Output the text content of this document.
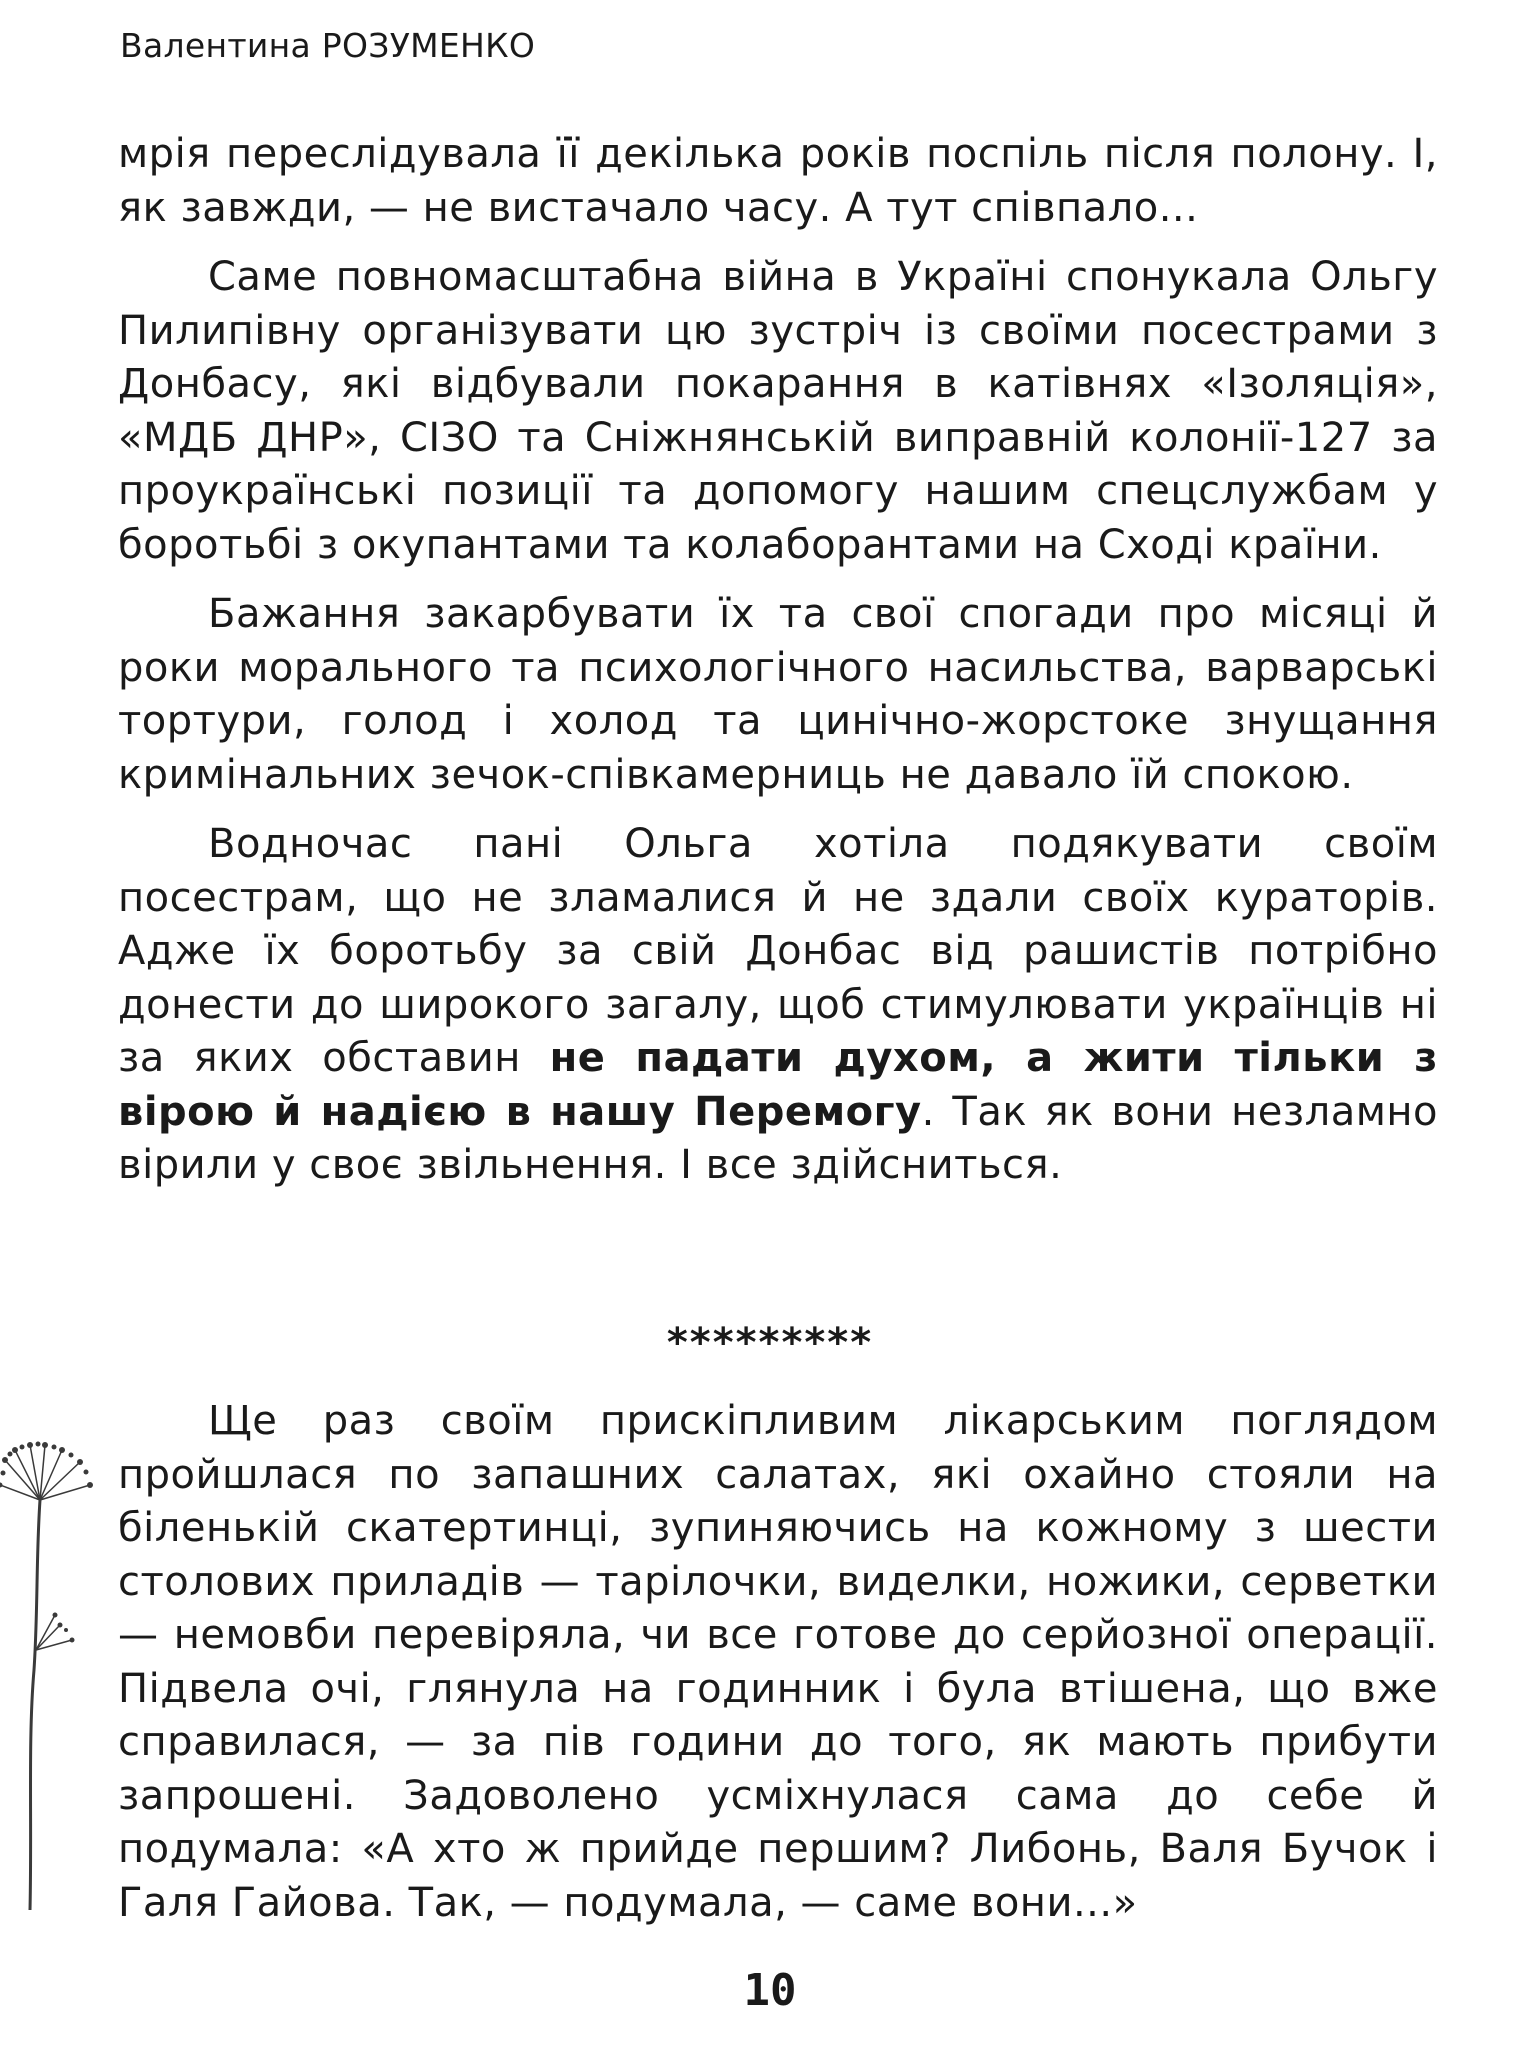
Валентина РОЗУМЕНКО

мрія переслідувала її декілька років поспіль після полону. І, як завжди, — не вистачало часу. А тут співпало...

Саме повномасштабна війна в Україні спонукала Ольгу Пилипівну організувати цю зустріч із своїми посестрами з Донбасу, які відбували покарання в катівнях «Ізоляція», «МДБ ДНР», СІЗО та Сніжнянській виправній колонії-127 за проукраїнські позиції та допомогу нашим спецслужбам у боротьбі з окупантами та колаборантами на Сході країни.

Бажання закарбувати їх та свої спогади про місяці й роки морального та психологічного насильства, варварські тортури, голод і холод та цинічно-жорстоке знущання кримінальних зечок-співкамерниць не давало їй спокою.

Водночас пані Ольга хотіла подякувати своїм посестрам, що не зламалися й не здали своїх кураторів. Адже їх боротьбу за свій Донбас від рашистів потрібно донести до широкого загалу, щоб стимулювати українців ні за яких обставин не падати духом, а жити тільки з вірою й надією в нашу Перемогу. Так як вони незламно вірили у своє звільнення. І все здійсниться.

*********

Ще раз своїм прискіпливим лікарським поглядом пройшлася по запашних салатах, які охайно стояли на біленькій скатертинці, зупиняючись на кожному з шести столових приладів — тарілочки, виделки, ножики, серветки — немовби перевіряла, чи все готове до серйозної операції. Підвела очі, глянула на годинник і була втішена, що вже справилася, — за пів години до того, як мають прибути запрошені. Задоволено усміхнулася сама до себе й подумала: «А хто ж прийде першим? Либонь, Валя Бучок і Галя Гайова. Так, — подумала, — саме вони...»

10
